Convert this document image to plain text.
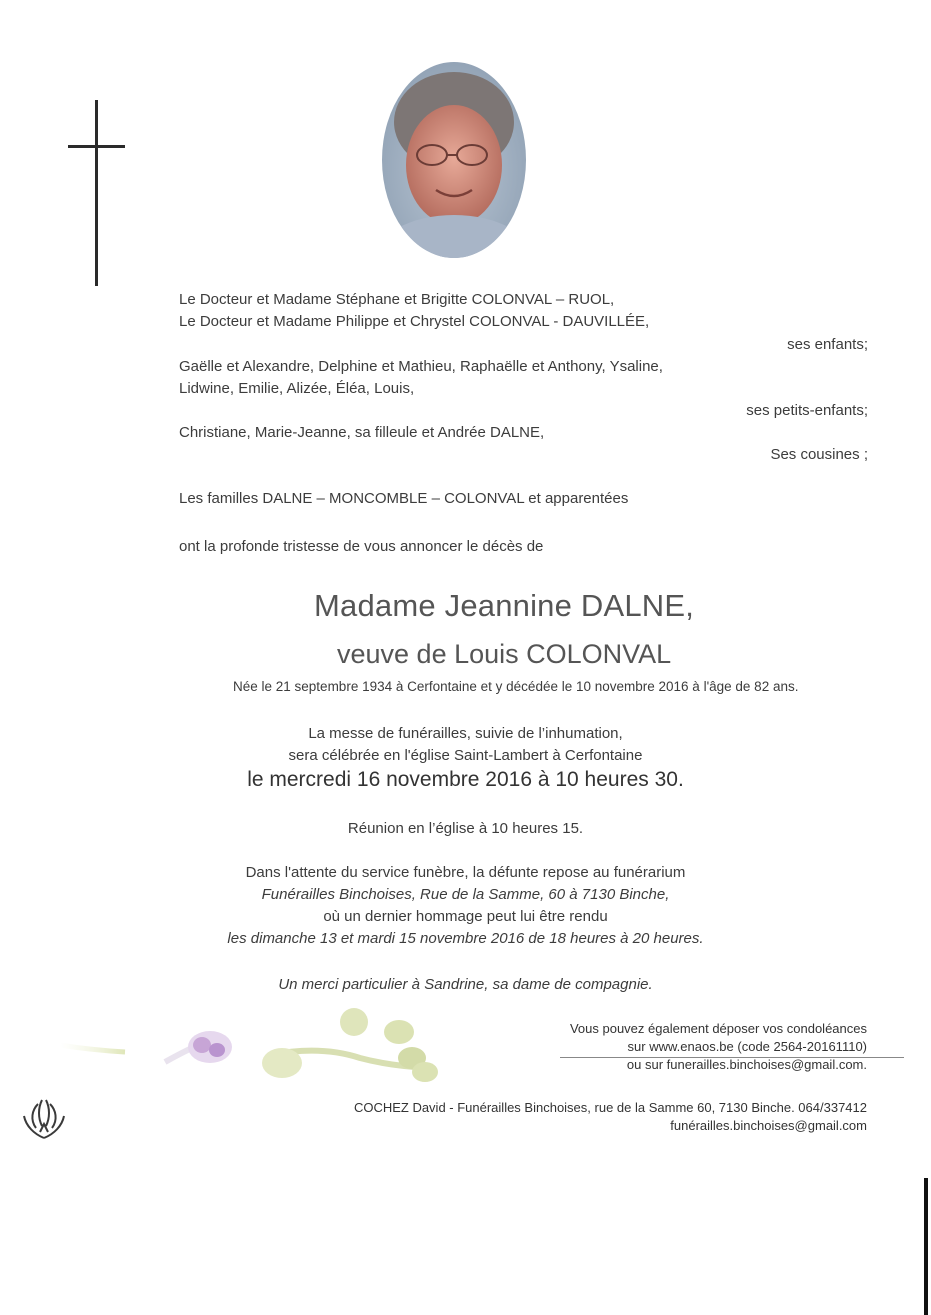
Le Docteur et Madame Stéphane et Brigitte COLONVAL – RUOL,
Le Docteur et Madame Philippe et Chrystel COLONVAL - DAUVILLÉE,
ses enfants;
Gaëlle et Alexandre, Delphine et Mathieu, Raphaëlle et Anthony, Ysaline,
Lidwine, Emilie, Alizée, Éléa, Louis,
ses petits-enfants;
Christiane, Marie-Jeanne, sa filleule et Andrée DALNE,
Ses cousines ;
Les familles DALNE – MONCOMBLE – COLONVAL et apparentées
ont la profonde tristesse de vous annoncer le décès de
Madame Jeannine DALNE,
veuve de Louis COLONVAL
Née le 21 septembre 1934 à Cerfontaine et y décédée le 10 novembre 2016 à l'âge de 82 ans.
La messe de funérailles, suivie de l’inhumation,
sera célébrée en l'église Saint-Lambert à Cerfontaine
le mercredi 16 novembre 2016 à 10 heures 30.
Réunion en l’église à 10 heures 15.
Dans l'attente du service funèbre, la défunte repose au funérarium
Funérailles Binchoises, Rue de la Samme, 60 à 7130 Binche,
où un dernier hommage peut lui être rendu
les dimanche 13 et mardi 15 novembre 2016 de 18 heures à 20 heures.
Un merci particulier à Sandrine, sa dame de compagnie.
Vous pouvez également déposer vos condoléances
sur www.enaos.be (code 2564-20161110)
ou sur funerailles.binchoises@gmail.com.
COCHEZ David - Funérailles Binchoises, rue de la Samme 60, 7130 Binche. 064/337412
funérailles.binchoises@gmail.com
